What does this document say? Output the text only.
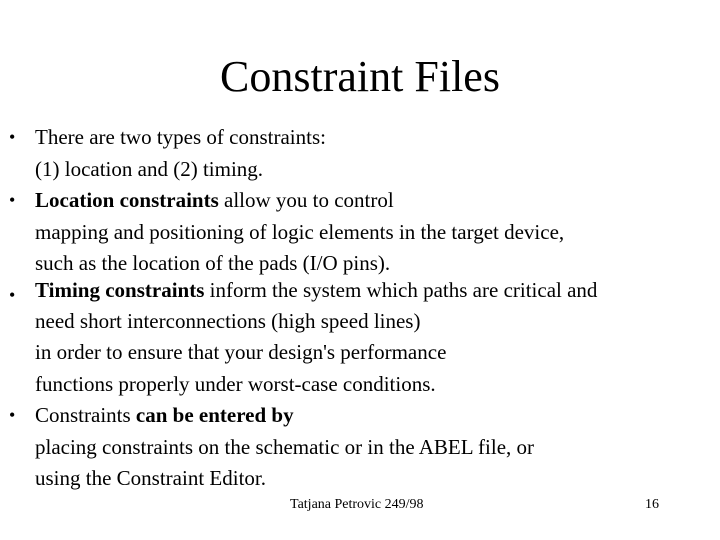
Constraint Files
• There are two types of constraints:
(1) location and (2) timing.
• Location constraints allow you to control
mapping and positioning of logic elements in the target device,
such as the location of the pads (I/O pins).
• Timing constraints inform the system which paths are critical and
need short interconnections (high speed lines)
in order to ensure that your design's performance
functions properly under worst-case conditions.
• Constraints can be entered by
placing constraints on the schematic or in the ABEL file, or
using the Constraint Editor.
Tatjana Petrovic 249/98	16
